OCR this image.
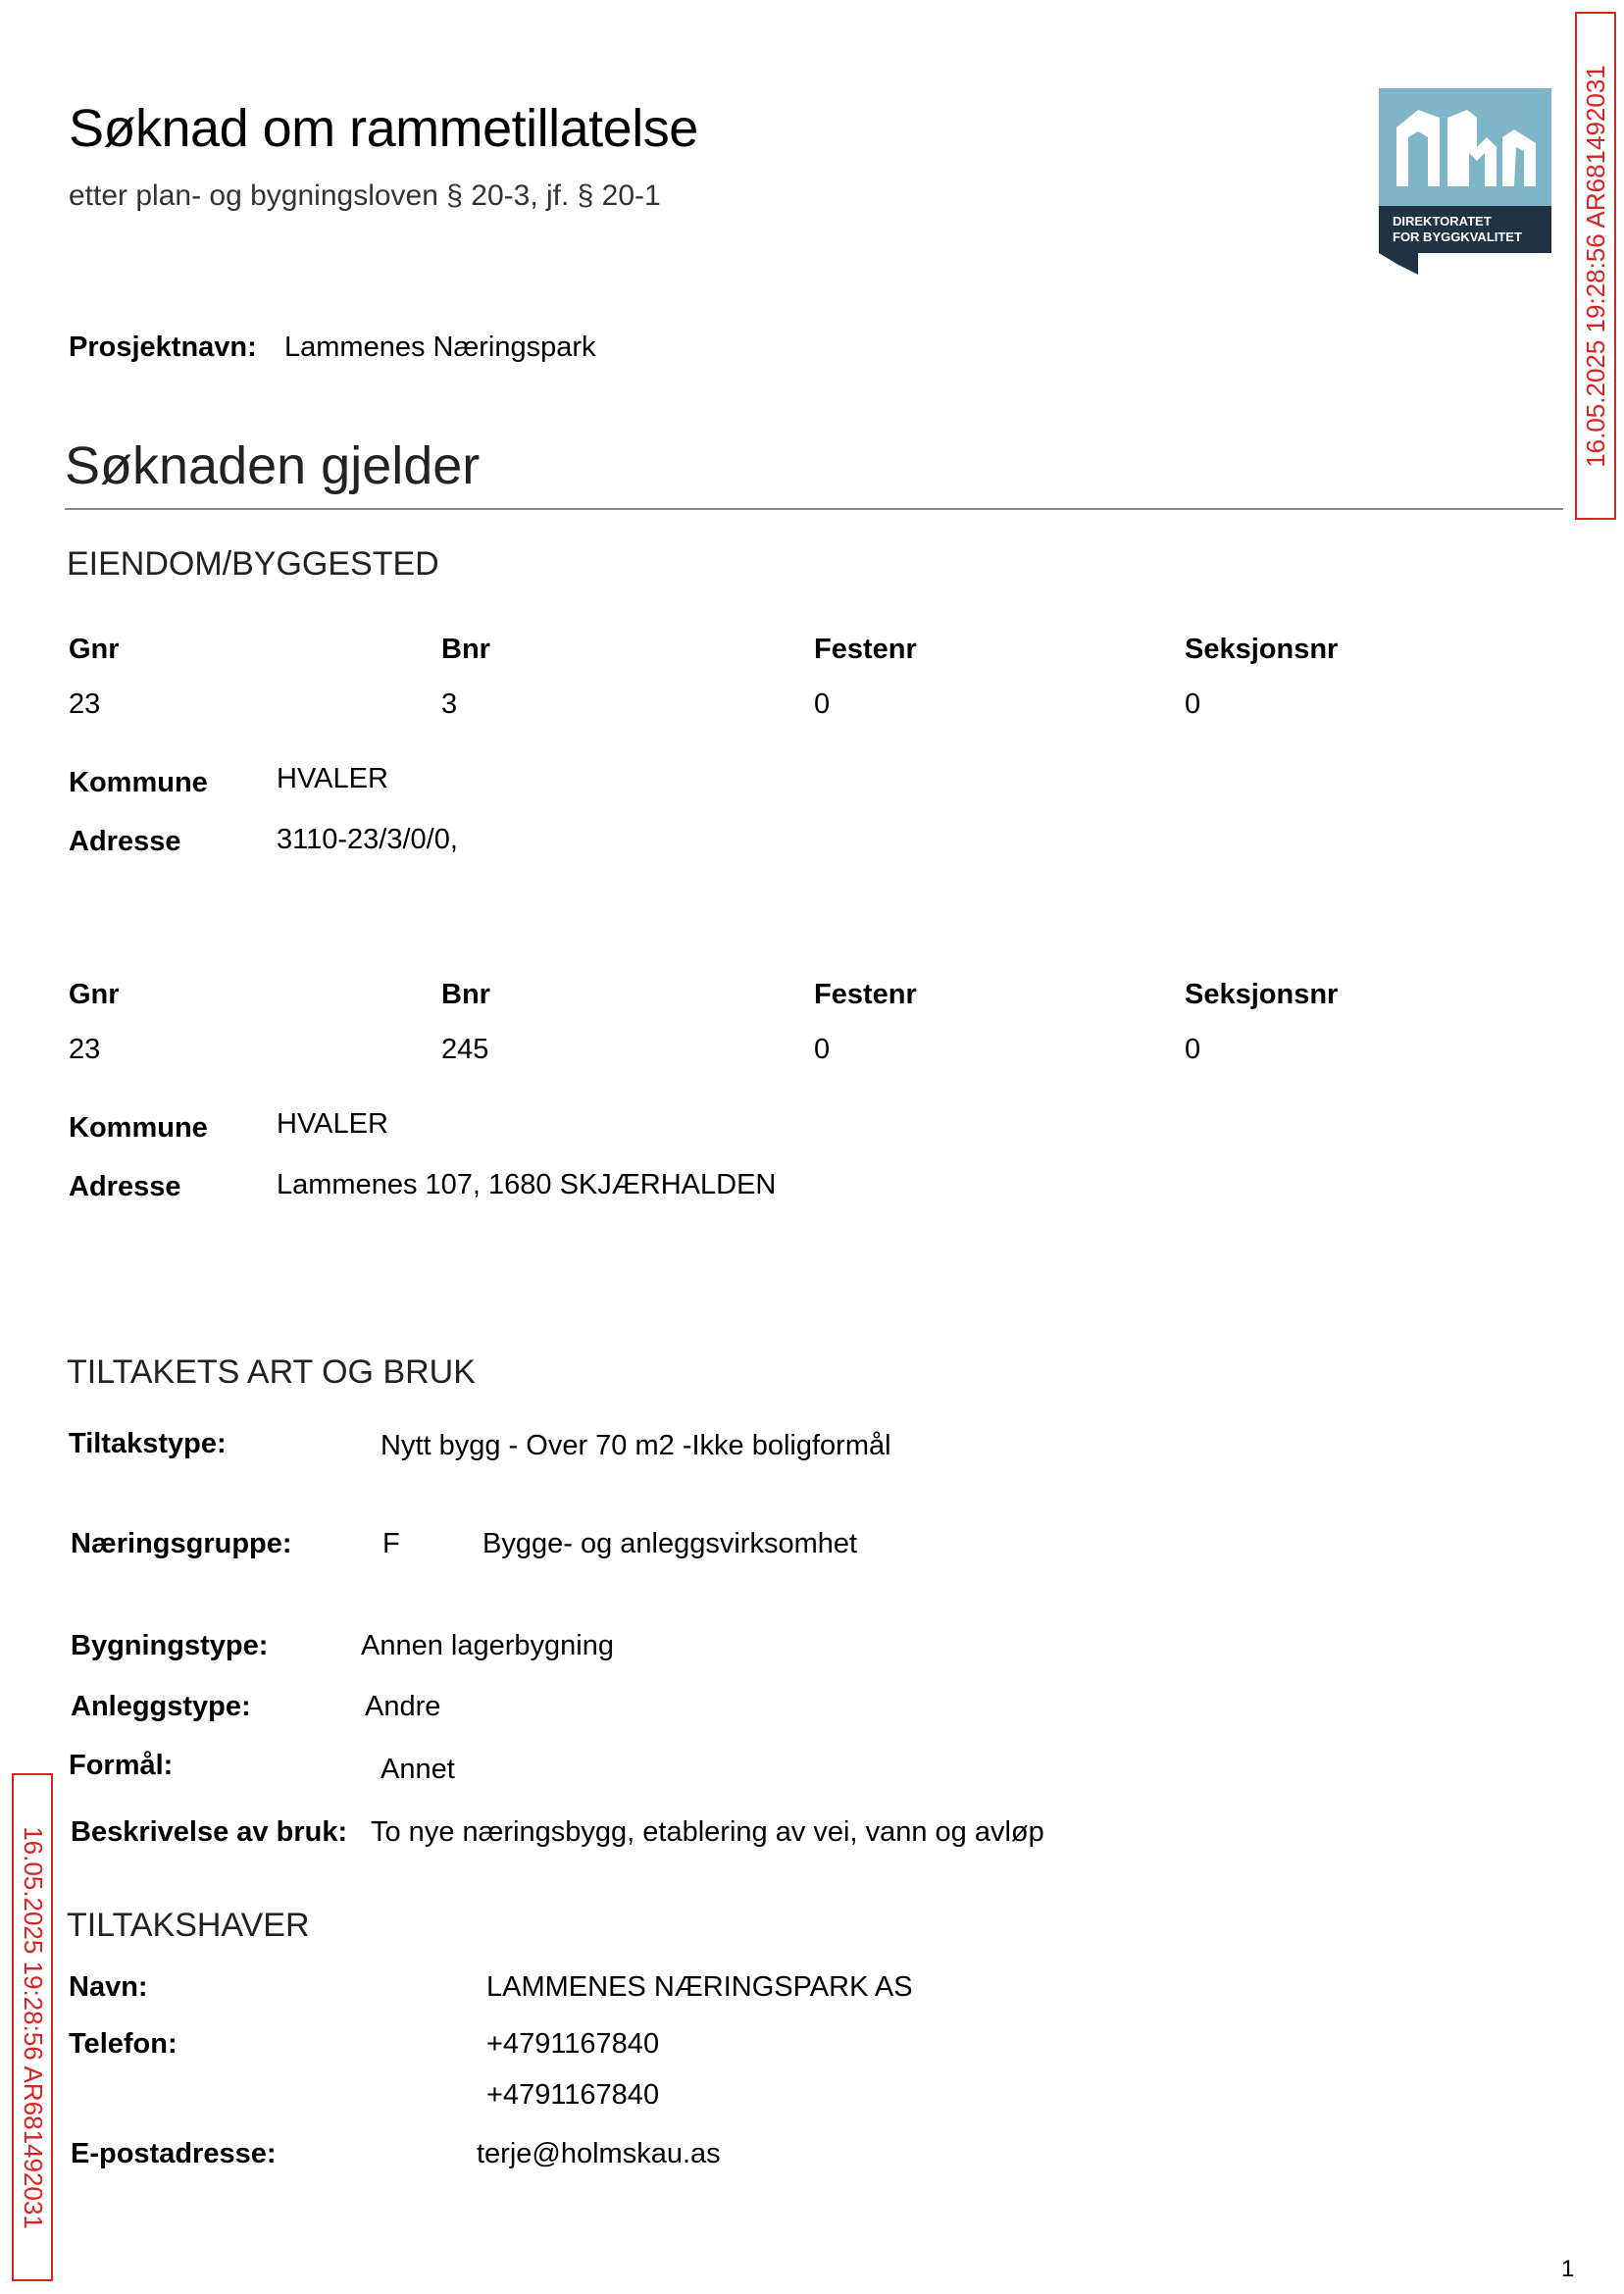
Søknad om rammetillatelse
etter plan- og bygningsloven § 20-3, jf. § 20-1
DIREKTORATET
FOR BYGGKVALITET 16.05.2025 19:28:56 AR681492031
16.05.2025 19:28:56 AR681492031
Prosjektnavn: Lammenes Næringspark
Søknaden gjelder
EIENDOM/BYGGESTED
Gnr	Bnr	Festenr	Seksjonsnr
23	3	0	0
Kommune HVALER
Adresse	3110-23/3/0/0,
Gnr	Bnr	Festenr	Seksjonsnr
23	245	0	0
Kommune HVALER
Adresse	Lammenes 107, 1680 SKJÆRHALDEN
TILTAKETS ART OG BRUK
Tiltakstype:	Nytt bygg - Over 70 m2 -Ikke boligformål
Næringsgruppe:	F	Bygge- og anleggsvirksomhet
Bygningstype:	Annen lagerbygning
Anleggstype:	Andre
Formål:	Annet
Beskrivelse av bruk: To nye næringsbygg, etablering av vei, vann og avløp
TILTAKSHAVER
Navn:	LAMMENES NÆRINGSPARK AS
Telefon:	+4791167840
+4791167840
E-postadresse:	terje@holmskau.as
1
